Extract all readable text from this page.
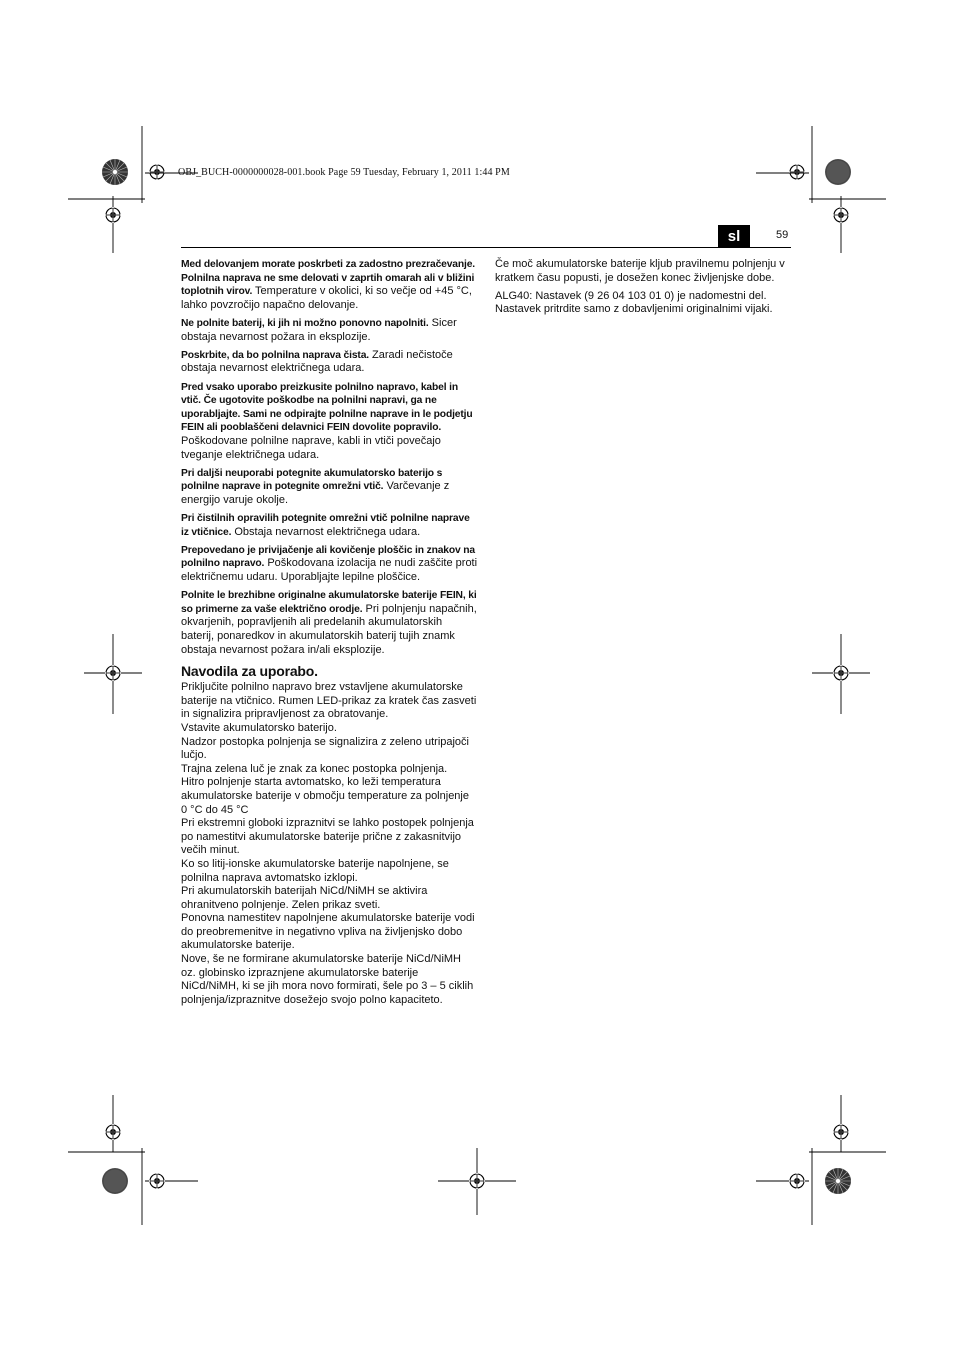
OBJ_BUCH-0000000028-001.book Page 59 Tuesday, February 1, 2011 1:44 PM
sl	59

Med delovanjem morate poskrbeti za zadostno prezračevanje. Polnilna naprava ne sme delovati v zaprtih omarah ali v bližini toplotnih virov. Temperature v okolici, ki so večje od +45 °C, lahko povzročijo napačno delovanje.

Ne polnite baterij, ki jih ni možno ponovno napolniti. Sicer obstaja nevarnost požara in eksplozije.

Poskrbite, da bo polnilna naprava čista. Zaradi nečistoče obstaja nevarnost električnega udara.

Pred vsako uporabo preizkusite polnilno napravo, kabel in vtič. Če ugotovite poškodbe na polnilni napravi, ga ne uporabljajte. Sami ne odpirajte polnilne naprave in le podjetju FEIN ali pooblaščeni delavnici FEIN dovolite popravilo. Poškodovane polnilne naprave, kabli in vtiči povečajo tveganje električnega udara.

Pri daljši neuporabi potegnite akumulatorsko baterijo s polnilne naprave in potegnite omrežni vtič. Varčevanje z energijo varuje okolje.

Pri čistilnih opravilih potegnite omrežni vtič polnilne naprave iz vtičnice. Obstaja nevarnost električnega udara.

Prepovedano je privijačenje ali kovičenje ploščic in znakov na polnilno napravo. Poškodovana izolacija ne nudi zaščite proti električnemu udaru. Uporabljajte lepilne ploščice.

Polnite le brezhibne originalne akumulatorske baterije FEIN, ki so primerne za vaše električno orodje. Pri polnjenju napačnih, okvarjenih, popravljenih ali predelanih akumulatorskih baterij, ponaredkov in akumulatorskih baterij tujih znamk obstaja nevarnost požara in/ali eksplozije.

Navodila za uporabo.

Priključite polnilno napravo brez vstavljene akumulatorske baterije na vtičnico. Rumen LED-prikaz za kratek čas zasveti in signalizira pripravljenost za obratovanje.

Vstavite akumulatorsko baterijo.

Nadzor postopka polnjenja se signalizira z zeleno utripajoči lučjo.

Trajna zelena luč je znak za konec postopka polnjenja.

Hitro polnjenje starta avtomatsko, ko leži temperatura akumulatorske baterije v območju temperature za polnjenje 0 °C do 45 °C

Pri ekstremni globoki izpraznitvi se lahko postopek polnjenja po namestitvi akumulatorske baterije prične z zakasnitvijo večih minut.

Ko so litij-ionske akumulatorske baterije napolnjene, se polnilna naprava avtomatsko izklopi.

Pri akumulatorskih baterijah NiCd/NiMH se aktivira ohranitveno polnjenje. Zelen prikaz sveti.

Ponovna namestitev napolnjene akumulatorske baterije vodi do preobremenitve in negativno vpliva na življenjsko dobo akumulatorske baterije.

Nove, še ne formirane akumulatorske baterije NiCd/NiMH oz. globinsko izpraznjene akumulatorske baterije NiCd/NiMH, ki se jih mora novo formirati, šele po 3 – 5 ciklih polnjenja/izpraznitve dosežejo svojo polno kapaciteto.

Če moč akumulatorske baterije kljub pravilnemu polnjenju v kratkem času popusti, je dosežen konec življenjske dobe.

ALG40: Nastavek (9 26 04 103 01 0) je nadomestni del. Nastavek pritrdite samo z dobavljenimi originalnimi vijaki.
